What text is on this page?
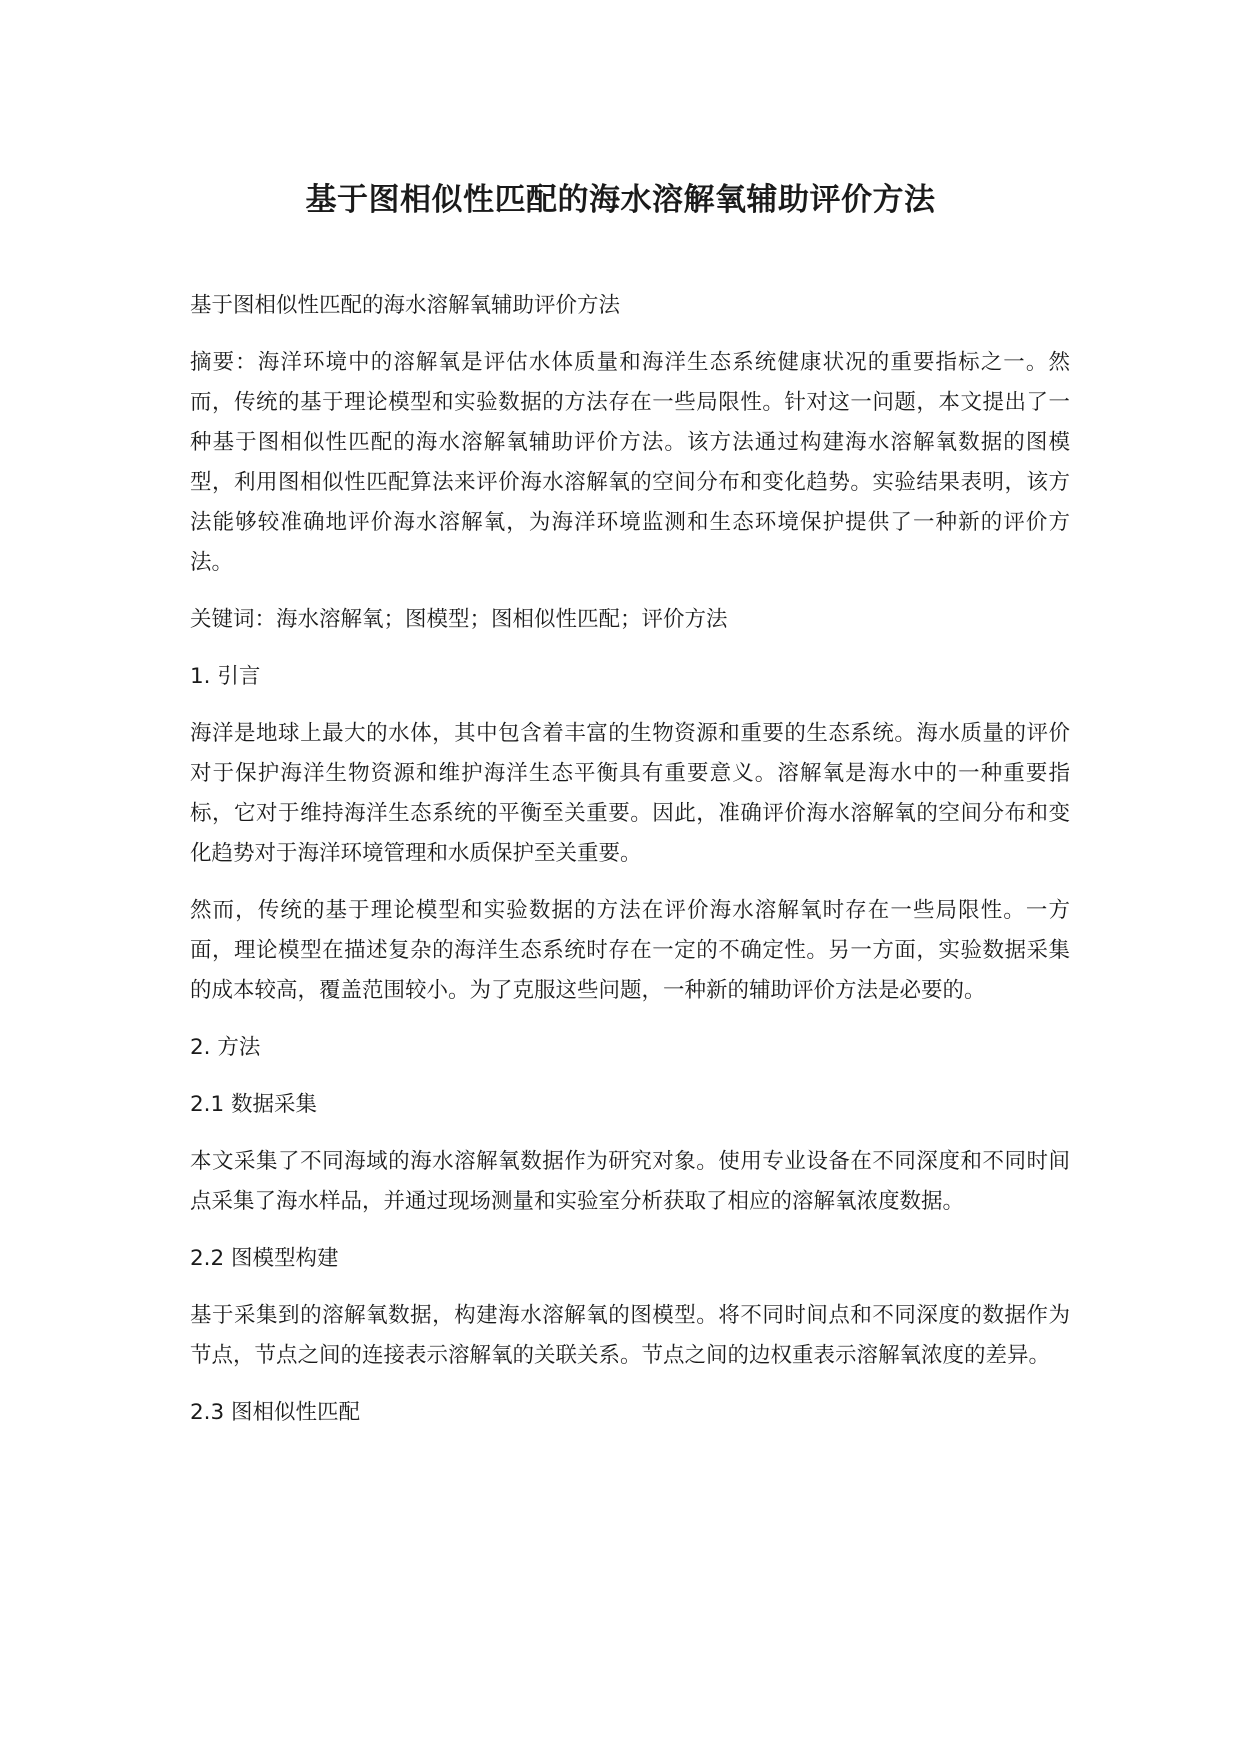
基于图相似性匹配的海水溶解氧辅助评价方法

基于图相似性匹配的海水溶解氧辅助评价方法

摘要：海洋环境中的溶解氧是评估水体质量和海洋生态系统健康状况的重要指标之一。然而，传统的基于理论模型和实验数据的方法存在一些局限性。针对这一问题，本文提出了一种基于图相似性匹配的海水溶解氧辅助评价方法。该方法通过构建海水溶解氧数据的图模型，利用图相似性匹配算法来评价海水溶解氧的空间分布和变化趋势。实验结果表明，该方法能够较准确地评价海水溶解氧，为海洋环境监测和生态环境保护提供了一种新的评价方法。

关键词：海水溶解氧；图模型；图相似性匹配；评价方法

1. 引言

海洋是地球上最大的水体，其中包含着丰富的生物资源和重要的生态系统。海水质量的评价对于保护海洋生物资源和维护海洋生态平衡具有重要意义。溶解氧是海水中的一种重要指标，它对于维持海洋生态系统的平衡至关重要。因此，准确评价海水溶解氧的空间分布和变化趋势对于海洋环境管理和水质保护至关重要。

然而，传统的基于理论模型和实验数据的方法在评价海水溶解氧时存在一些局限性。一方面，理论模型在描述复杂的海洋生态系统时存在一定的不确定性。另一方面，实验数据采集的成本较高，覆盖范围较小。为了克服这些问题，一种新的辅助评价方法是必要的。

2. 方法

2.1 数据采集

本文采集了不同海域的海水溶解氧数据作为研究对象。使用专业设备在不同深度和不同时间点采集了海水样品，并通过现场测量和实验室分析获取了相应的溶解氧浓度数据。

2.2 图模型构建

基于采集到的溶解氧数据，构建海水溶解氧的图模型。将不同时间点和不同深度的数据作为节点，节点之间的连接表示溶解氧的关联关系。节点之间的边权重表示溶解氧浓度的差异。

2.3 图相似性匹配
